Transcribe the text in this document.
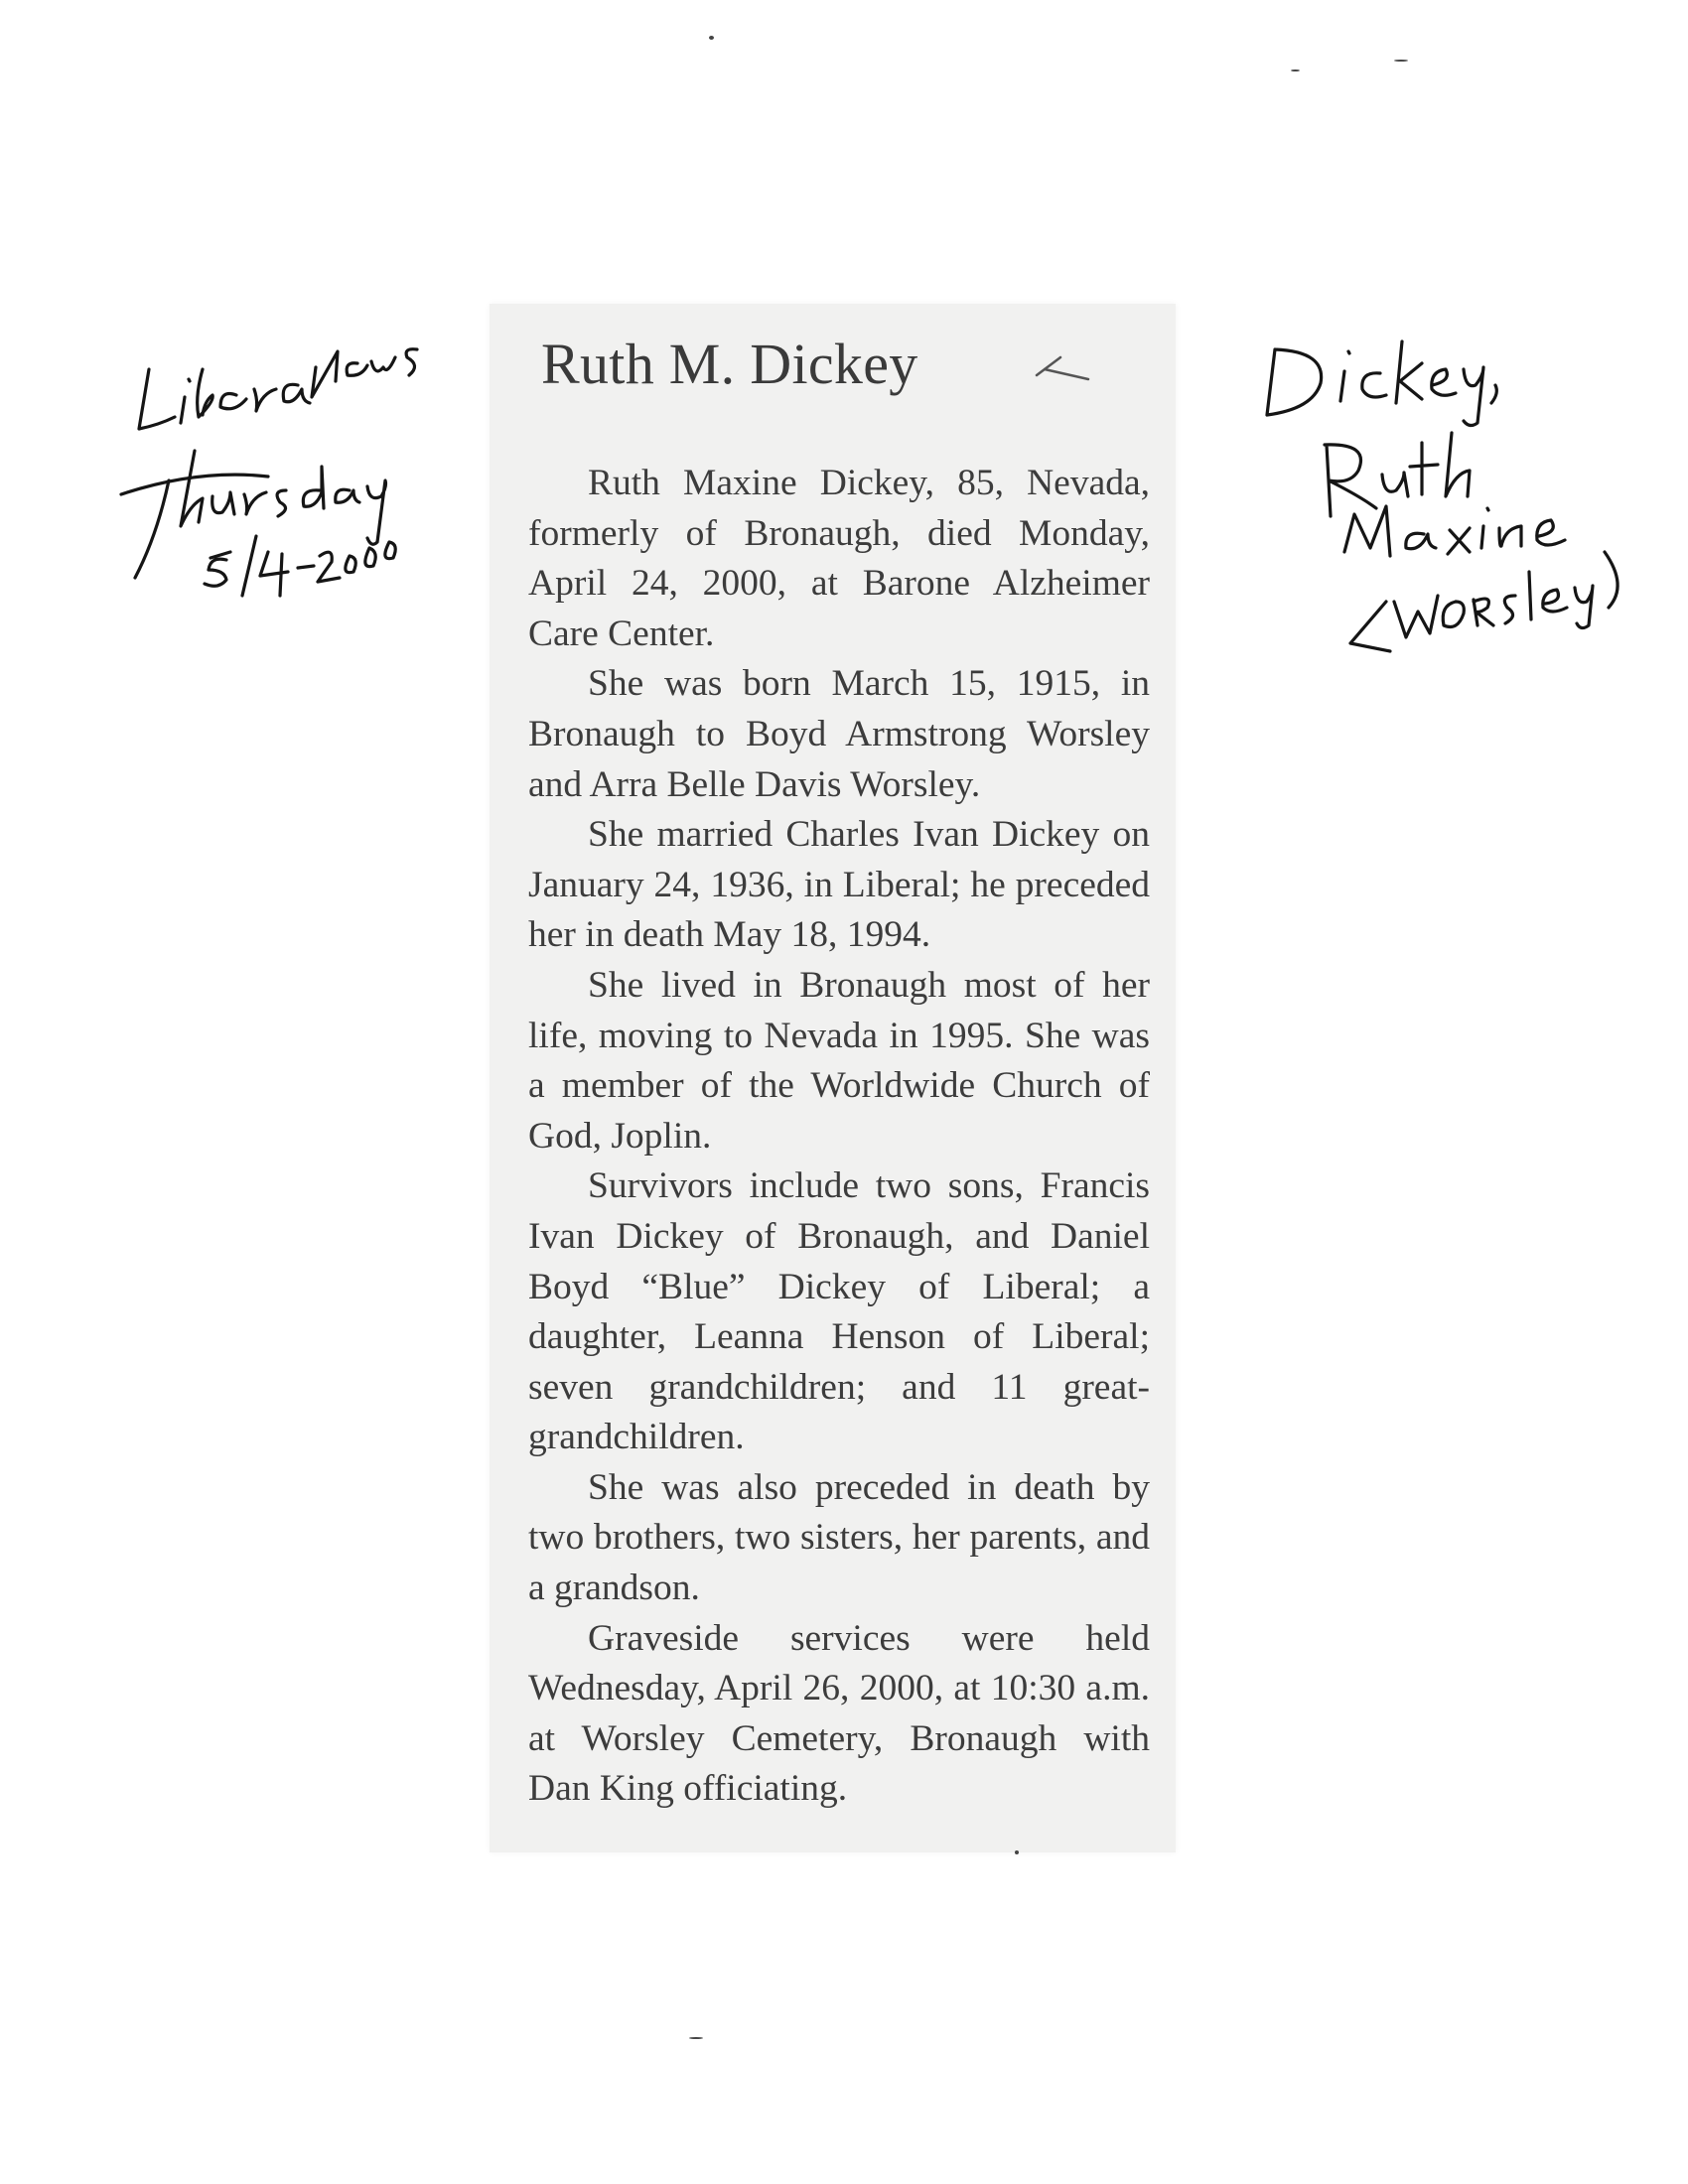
Ruth M. Dickey

Ruth Maxine Dickey, 85, Nevada, formerly of Bronaugh, died Monday, April 24, 2000, at Barone Alzheimer Care Center.

She was born March 15, 1915, in Bronaugh to Boyd Armstrong Worsley and Arra Belle Davis Worsley.

She married Charles Ivan Dickey on January 24, 1936, in Liberal; he preceded her in death May 18, 1994.

She lived in Bronaugh most of her life, moving to Nevada in 1995. She was a member of the Worldwide Church of God, Joplin.

Survivors include two sons, Francis Ivan Dickey of Bronaugh, and Daniel Boyd “Blue” Dickey of Liberal; a daughter, Leanna Henson of Liberal; seven grandchildren; and 11 great-grandchildren.

She was also preceded in death by two brothers, two sisters, her parents, and a grandson.

Graveside services were held Wednesday, April 26, 2000, at 10:30 a.m. at Worsley Cemetery, Bronaugh with Dan King officiating.
